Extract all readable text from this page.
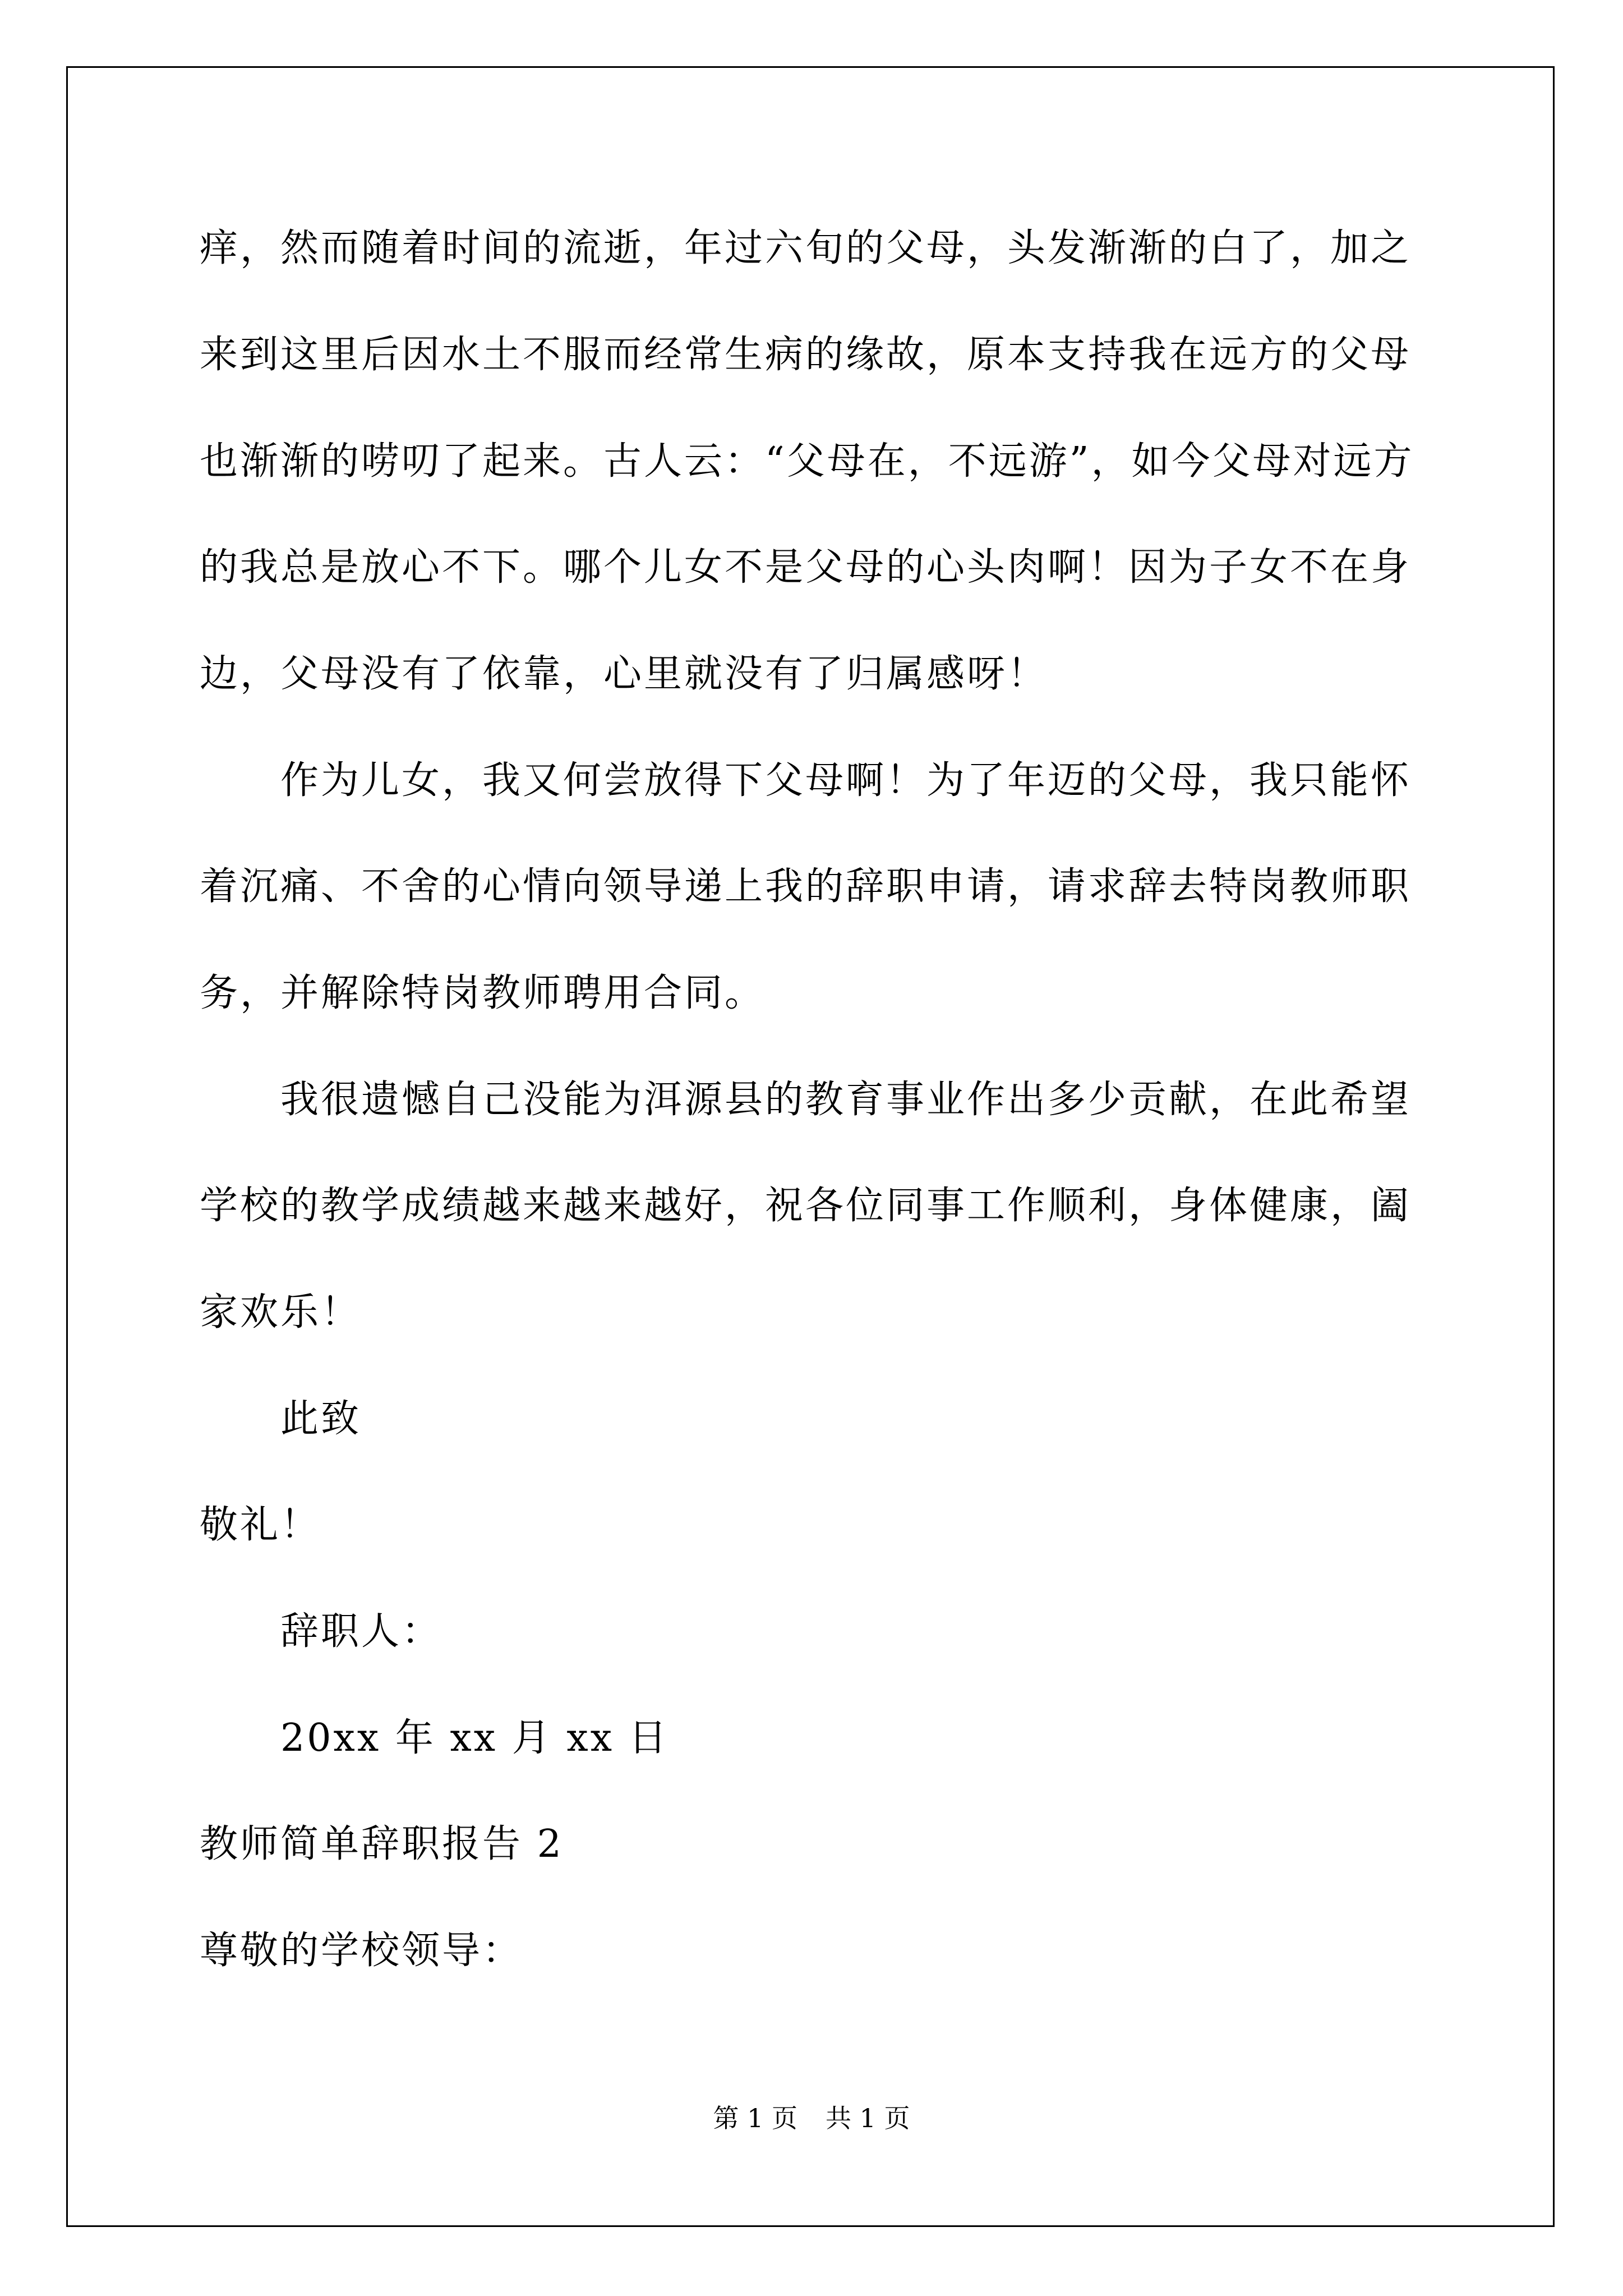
痒，然而随着时间的流逝，年过六旬的父母，头发渐渐的白了，加之
来到这里后因水土不服而经常生病的缘故，原本支持我在远方的父母
也渐渐的唠叨了起来。古人云：“父母在，不远游”，如今父母对远方
的我总是放心不下。哪个儿女不是父母的心头肉啊！因为子女不在身
边，父母没有了依靠，心里就没有了归属感呀！
作为儿女，我又何尝放得下父母啊！为了年迈的父母，我只能怀
着沉痛、不舍的心情向领导递上我的辞职申请，请求辞去特岗教师职
务，并解除特岗教师聘用合同。
我很遗憾自己没能为洱源县的教育事业作出多少贡献，在此希望
学校的教学成绩越来越来越好，祝各位同事工作顺利，身体健康，阖
家欢乐！
此致
敬礼！
辞职人：
20xx 年 xx 月 xx 日
教师简单辞职报告 2
尊敬的学校领导：
第 1 页 共 1 页
